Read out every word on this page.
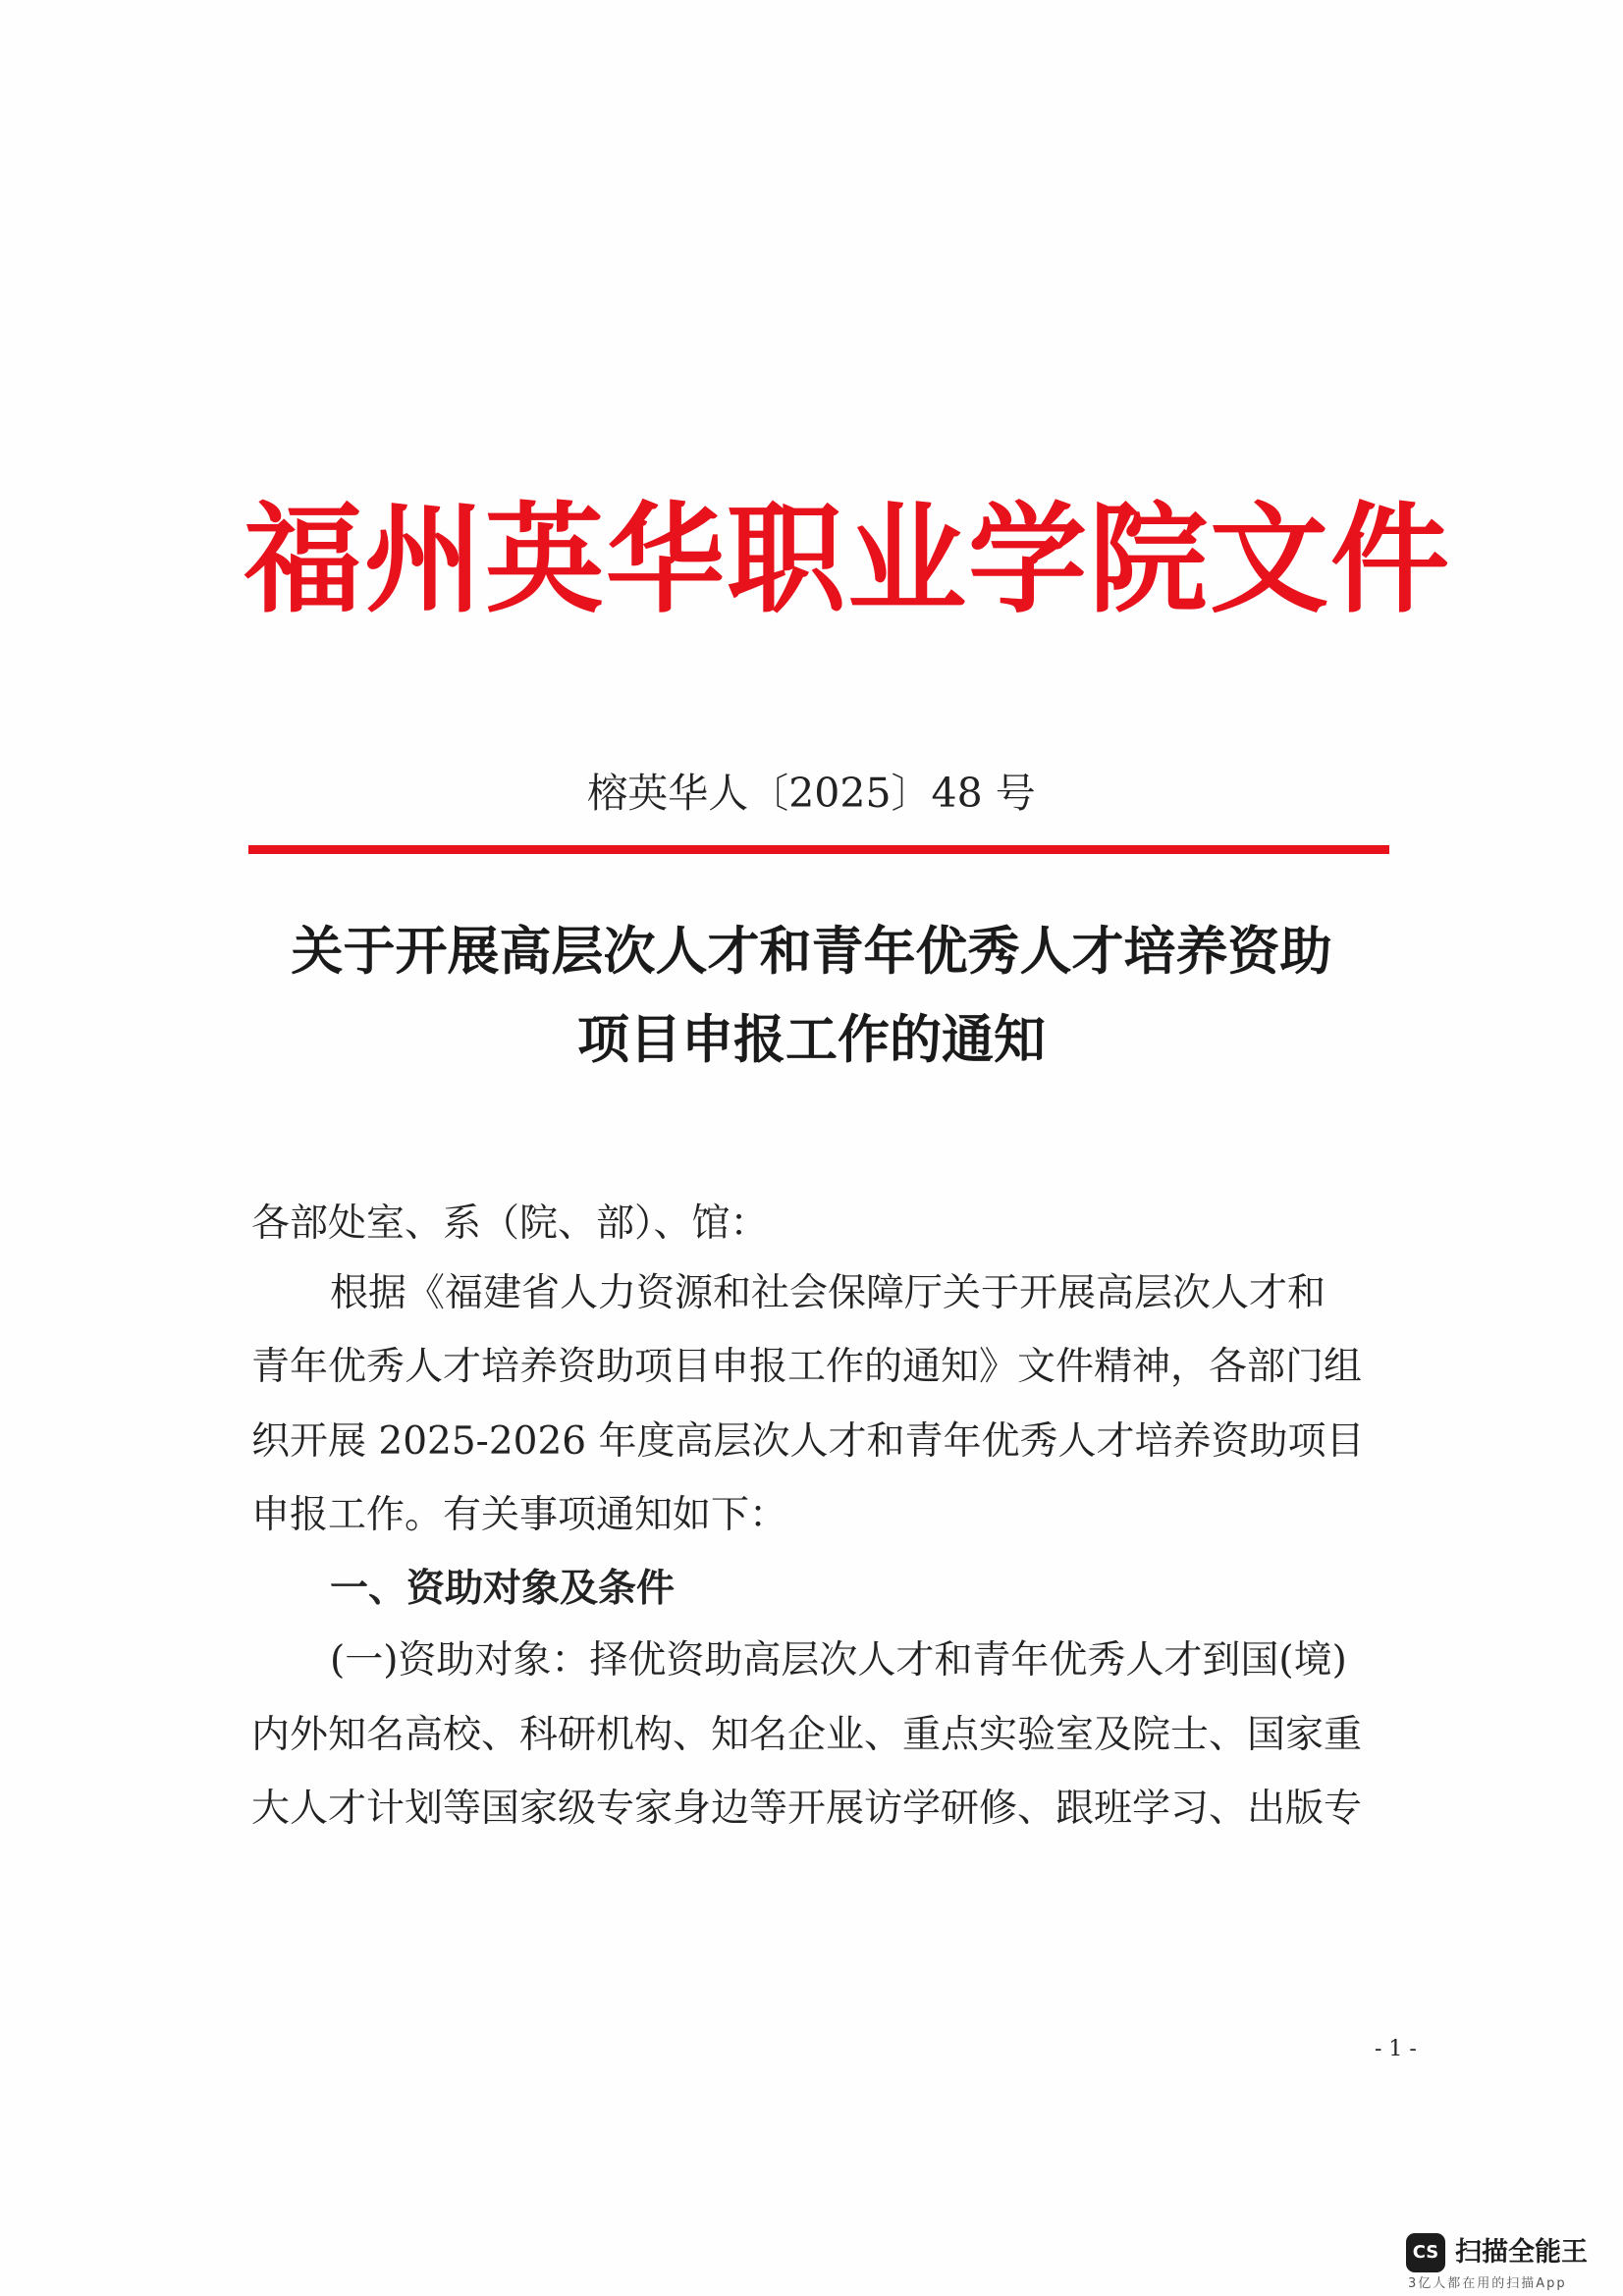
福州英华职业学院文件
榕英华人〔2025〕48 号
关于开展高层次人才和青年优秀人才培养资助
项目申报工作的通知
各部处室、系（院、部）、馆：
根据《福建省人力资源和社会保障厅关于开展高层次人才和
青年优秀人才培养资助项目申报工作的通知》文件精神，各部门组
织开展 2025-2026 年度高层次人才和青年优秀人才培养资助项目
申报工作。有关事项通知如下：
一、资助对象及条件
(一)资助对象：择优资助高层次人才和青年优秀人才到国(境)
内外知名高校、科研机构、知名企业、重点实验室及院士、国家重
大人才计划等国家级专家身边等开展访学研修、跟班学习、出版专
- 1 -
CS 扫描全能王
3亿人都在用的扫描App
